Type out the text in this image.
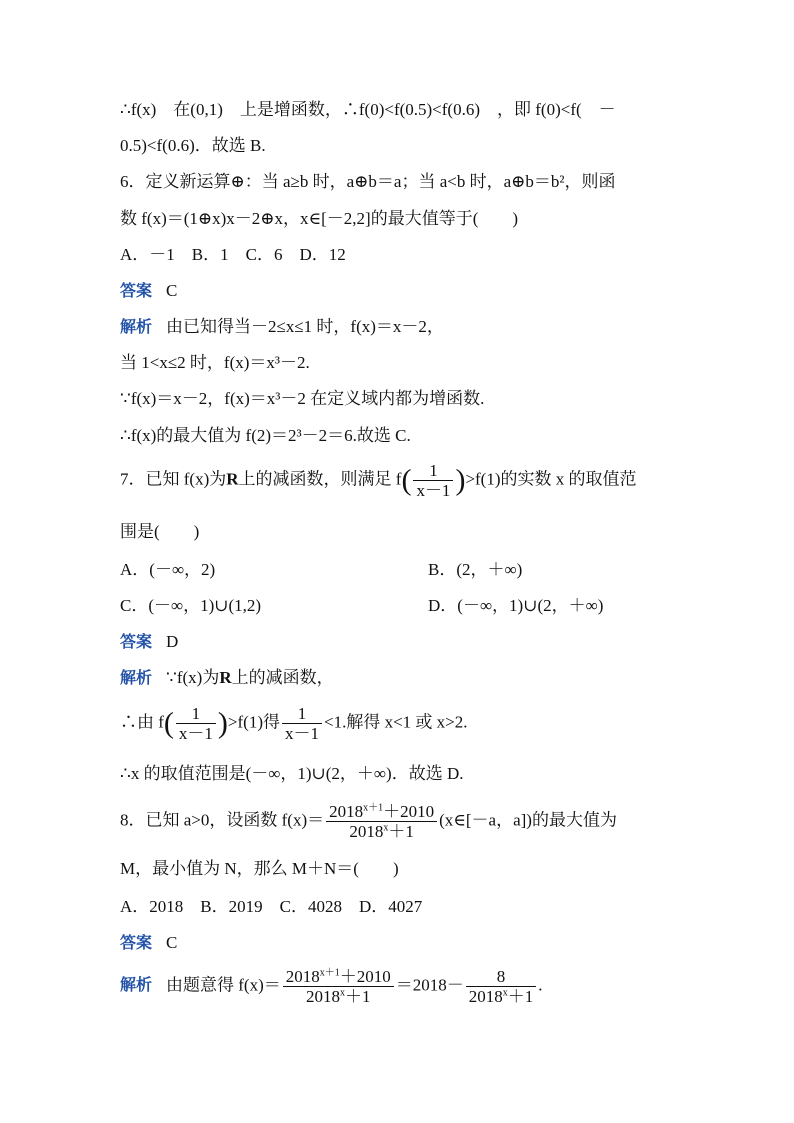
∴f(x)　在(0,1)　上是增函数，∴f(0)<f(0.5)<f(0.6)　，即 f(0)<f(　－
0.5)<f(0.6)．故选 B.
6．定义新运算⊕：当 a≥b 时，a⊕b＝a；当 a<b 时，a⊕b＝b²，则函
数 f(x)＝(1⊕x)x－2⊕x，x∈[－2,2]的最大值等于(　　)
A．－1　B．1　C．6　D．12
答案 C
解析 由已知得当－2≤x≤1 时，f(x)＝x－2，
当 1<x≤2 时，f(x)＝x³－2.
∵f(x)＝x－2，f(x)＝x³－2 在定义域内都为增函数.
∴f(x)的最大值为 f(2)＝2³－2＝6.故选 C.
7．已知 f(x)为R上的减函数，则满足 $f( \frac{1}{x-1} )>f(1)$的实数 x 的取值范
围是(　　)
A．(－∞，2)	B．(2，＋∞)
C．(－∞，1)∪(1,2)	D．(－∞，1)∪(2，＋∞)
答案 D
解析 ∵f(x)为R上的减函数，
∴由 $f( \frac{1}{x-1} )>f(1)$得 $\frac{1}{x-1} <1$.解得 x<1 或 x>2.
∴x 的取值范围是(－∞，1)∪(2，＋∞)．故选 D.
8．已知 a>0，设函数 $f(x)= \frac{2018^{x+1}+2010}{2018^x+1}$ (x∈[－a，a])的最大值为
M，最小值为 N，那么 M＋N＝(　　)
A．2018　B．2019　C．4028　D．4027
答案 C
解析 由题意得 $f(x)= \frac{2018^{x+1}+2010}{2018^x+1} =2018- \frac{8}{2018^x+1}$ .
